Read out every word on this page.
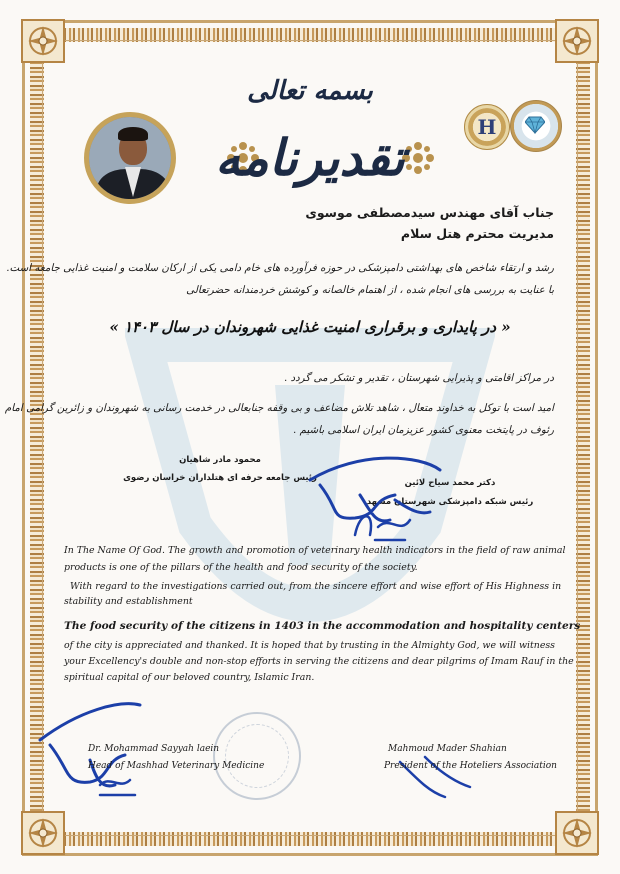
بسمه تعالی
تقدیرنامه
H
جناب آقای مهندس سیدمصطفی موسوی
مدیریت محترم هتل سلام
رشد و ارتقاء شاخص های بهداشتی دامپزشکی در حوزه فرآورده های خام دامی یکی از ارکان سلامت و امنیت غذایی جامعه است.
با عنایت به بررسی های انجام شده ، از اهتمام خالصانه و کوشش خردمندانه حضرتعالی
« در پایداری و برقراری امنیت غذایی شهروندان در سال ۱۴۰۳ »
در مراکز اقامتی و پذیرایی شهرستان ، تقدیر و تشکر می گردد .
امید است با توکل به خداوند متعال ، شاهد تلاش مضاعف و بی وقفه جنابعالی در خدمت رسانی به شهروندان و زائرین گرامی امام
رئوف در پایتخت معنوی کشور عزیزمان ایران اسلامی باشیم .
محمود مادر شاهیان
رئیس جامعه حرفه ای هتلداران خراسان رضوی	دکتر محمد سیاح لائین
رئیس شبکه دامپزشکی شهرستان مشهد
In The Name Of God. The growth and promotion of veterinary health indicators in the field of raw animal
products is one of the pillars of the health and food security of the society.
With regard to the investigations carried out, from the sincere effort and wise effort of His Highness in
stability and establishment
The food security of the citizens in 1403 in the accommodation and hospitality centers
of the city is appreciated and thanked. It is hoped that by trusting in the Almighty God, we will witness
your Excellency's double and non-stop efforts in serving the citizens and dear pilgrims of Imam Rauf in the
spiritual capital of our beloved country, Islamic Iran.
Dr. Mohammad Sayyah laein
Head of Mashhad Veterinary Medicine
Mahmoud Mader Shahian
President of the Hoteliers Association
